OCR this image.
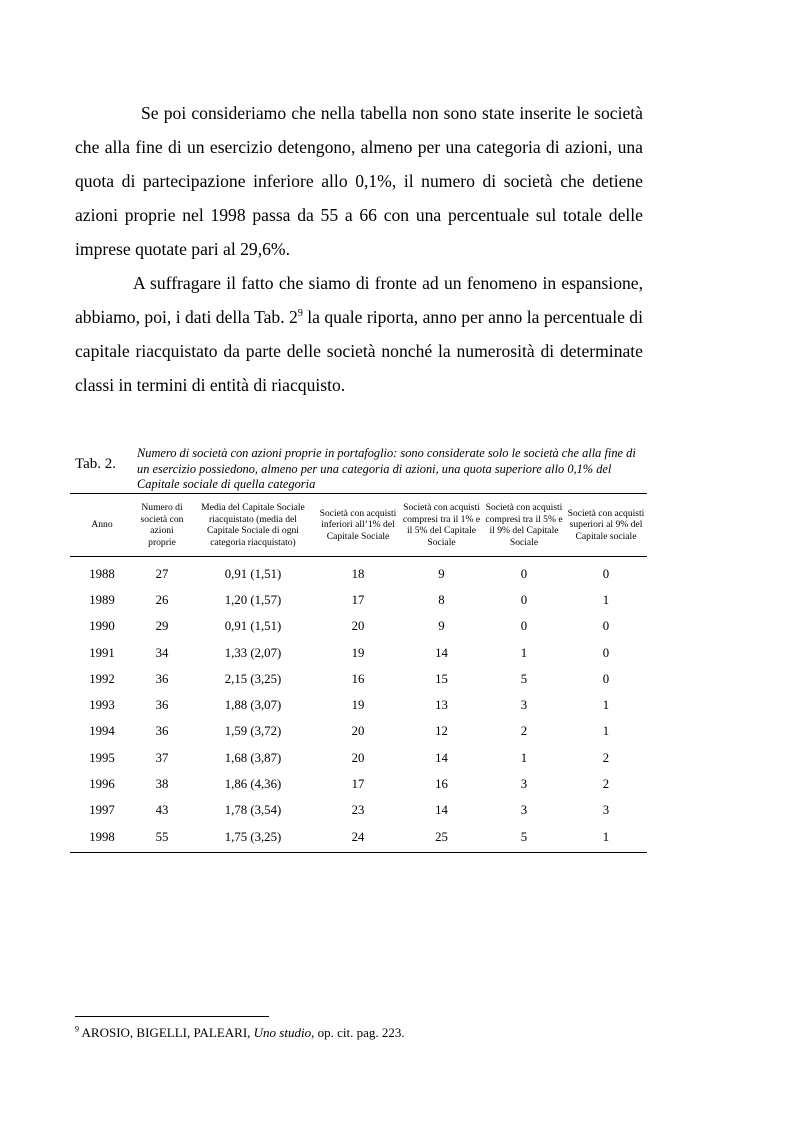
Se poi consideriamo che nella tabella non sono state inserite le società che alla fine di un esercizio detengono, almeno per una categoria di azioni, una quota di partecipazione inferiore allo 0,1%, il numero di società che detiene azioni proprie nel 1998 passa da 55 a 66 con una percentuale sul totale delle imprese quotate pari al 29,6%.

A suffragare il fatto che siamo di fronte ad un fenomeno in espansione, abbiamo, poi, i dati della Tab. $2^9$ la quale riporta, anno per anno la percentuale di capitale riacquistato da parte delle società nonché la numerosità di determinate classi in termini di entità di riacquisto.

Tab. 2.
Numero di società con azioni proprie in portafoglio: sono considerate solo le società che alla fine di un esercizio possiedono, almeno per una categoria di azioni, una quota superiore allo 0,1% del Capitale sociale di quella categoria
Anno	Numero di società con azioni proprie	Media del Capitale Sociale riacquistato (media del Capitale Sociale di ogni categoria riacquistato)	Società con acquisti inferiori all’1% del Capitale Sociale	Società con acquisti compresi tra il 1% e il 5% del Capitale Sociale	Società con acquisti compresi tra il 5% e il 9% del Capitale Sociale	Società con acquisti superiori al 9% del Capitale sociale
1988	27	0,91 (1,51)	18	9	0	0
1989	26	1,20 (1,57)	17	8	0	1
1990	29	0,91 (1,51)	20	9	0	0
1991	34	1,33 (2,07)	19	14	1	0
1992	36	2,15 (3,25)	16	15	5	0
1993	36	1,88 (3,07)	19	13	3	1
1994	36	1,59 (3,72)	20	12	2	1
1995	37	1,68 (3,87)	20	14	1	2
1996	38	1,86 (4,36)	17	16	3	2
1997	43	1,78 (3,54)	23	14	3	3
1998	55	1,75 (3,25)	24	25	5	1
$^9$ AROSIO, BIGELLI, PALEARI, Uno studio, op. cit. pag. 223.
